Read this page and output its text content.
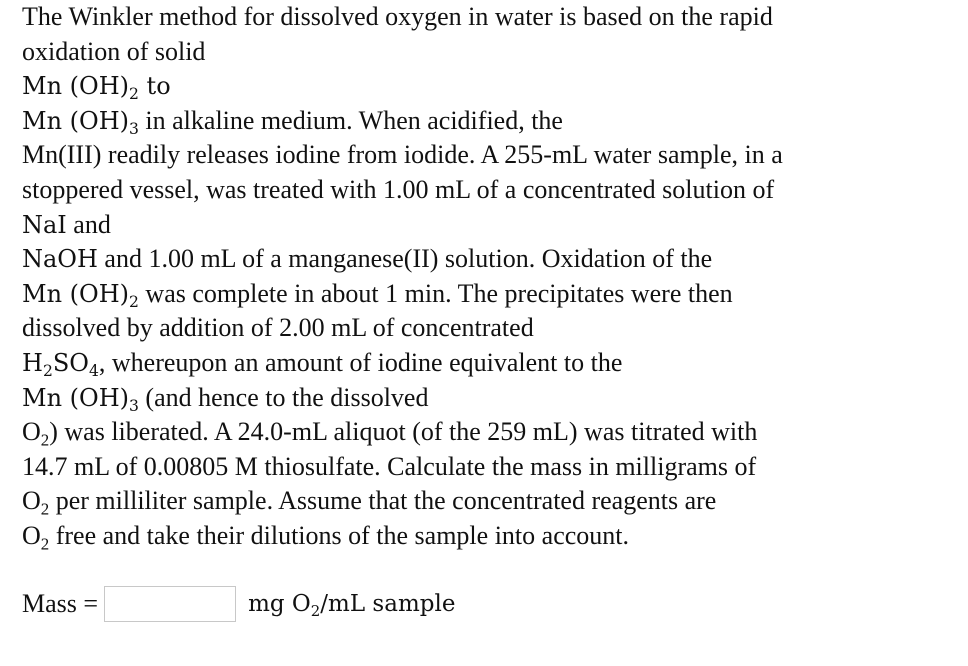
The Winkler method for dissolved oxygen in water is based on the rapid
oxidation of solid
Mn $(OH)_2$ to
Mn $(OH)_3$ in alkaline medium. When acidified, the
Mn(III) readily releases iodine from iodide. A 255-mL water sample, in a
stoppered vessel, was treated with 1.00 mL of a concentrated solution of
NaI and
NaOH and 1.00 mL of a manganese(II) solution. Oxidation of the
Mn $(OH)_2$ was complete in about 1 min. The precipitates were then
dissolved by addition of 2.00 mL of concentrated
$H_2SO_4$, whereupon an amount of iodine equivalent to the
Mn $(OH)_3$ (and hence to the dissolved
$O_2$) was liberated. A 24.0-mL aliquot (of the 259 mL) was titrated with
14.7 mL of 0.00805 M thiosulfate. Calculate the mass in milligrams of
$O_2$ per milliliter sample. Assume that the concentrated reagents are
$O_2$ free and take their dilutions of the sample into account.
Mass =	mg $O_2/mL$ sample
